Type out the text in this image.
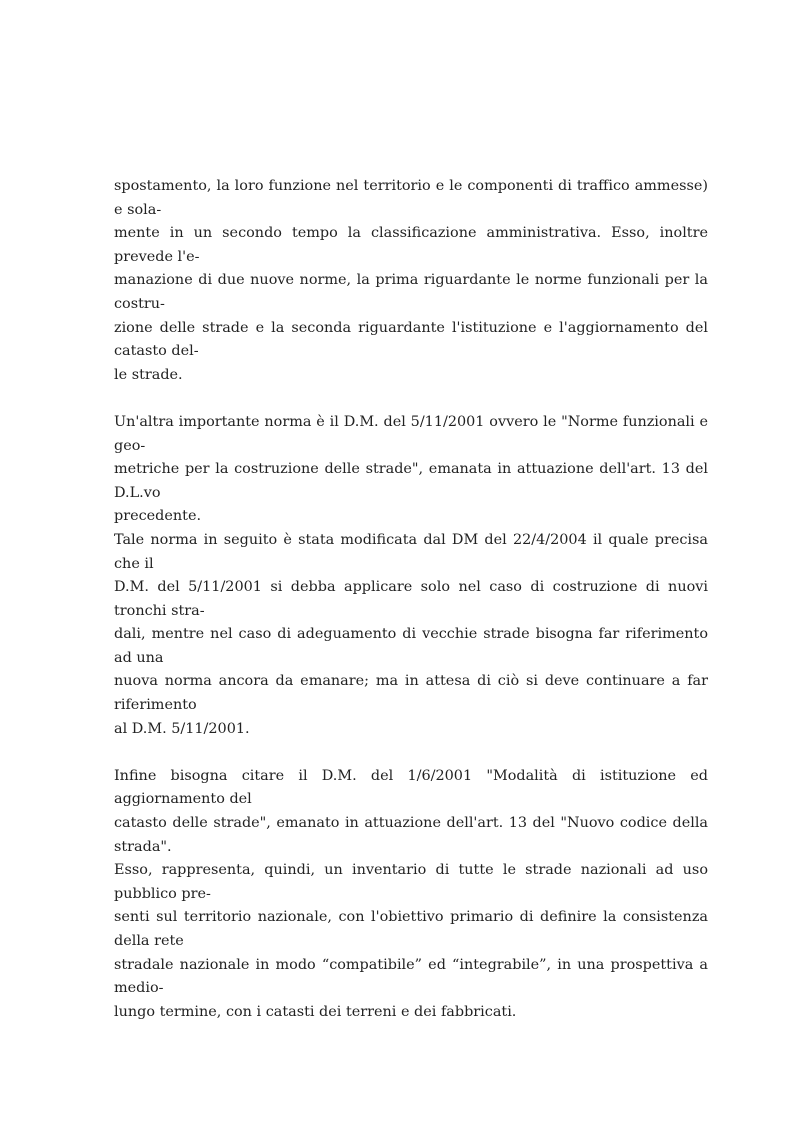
spostamento, la loro funzione nel territorio e le componenti di traffico ammesse) e sola-
mente in un secondo tempo la classificazione amministrativa. Esso, inoltre prevede l'e-
manazione di due nuove norme, la prima riguardante le norme funzionali per la costru-
zione delle strade e la seconda riguardante l'istituzione e l'aggiornamento del catasto del-
le strade.

Un'altra importante norma è il D.M. del 5/11/2001 ovvero le "Norme funzionali e geo-
metriche per la costruzione delle strade", emanata in attuazione dell'art. 13 del D.L.vo
precedente.

Tale norma in seguito è stata modificata dal DM del 22/4/2004 il quale precisa che il
D.M. del 5/11/2001 si debba applicare solo nel caso di costruzione di nuovi tronchi stra-
dali, mentre nel caso di adeguamento di vecchie strade bisogna far riferimento ad una
nuova norma ancora da emanare; ma in attesa di ciò si deve continuare a far riferimento
al D.M. 5/11/2001.

Infine bisogna citare il D.M. del 1/6/2001 "Modalità di istituzione ed aggiornamento del
catasto delle strade", emanato in attuazione dell'art. 13 del "Nuovo codice della strada".
Esso, rappresenta, quindi, un inventario di tutte le strade nazionali ad uso pubblico pre-
senti sul territorio nazionale, con l'obiettivo primario di definire la consistenza della rete
stradale nazionale in modo “compatibile” ed “integrabile”, in una prospettiva a medio-
lungo termine, con i catasti dei terreni e dei fabbricati.
